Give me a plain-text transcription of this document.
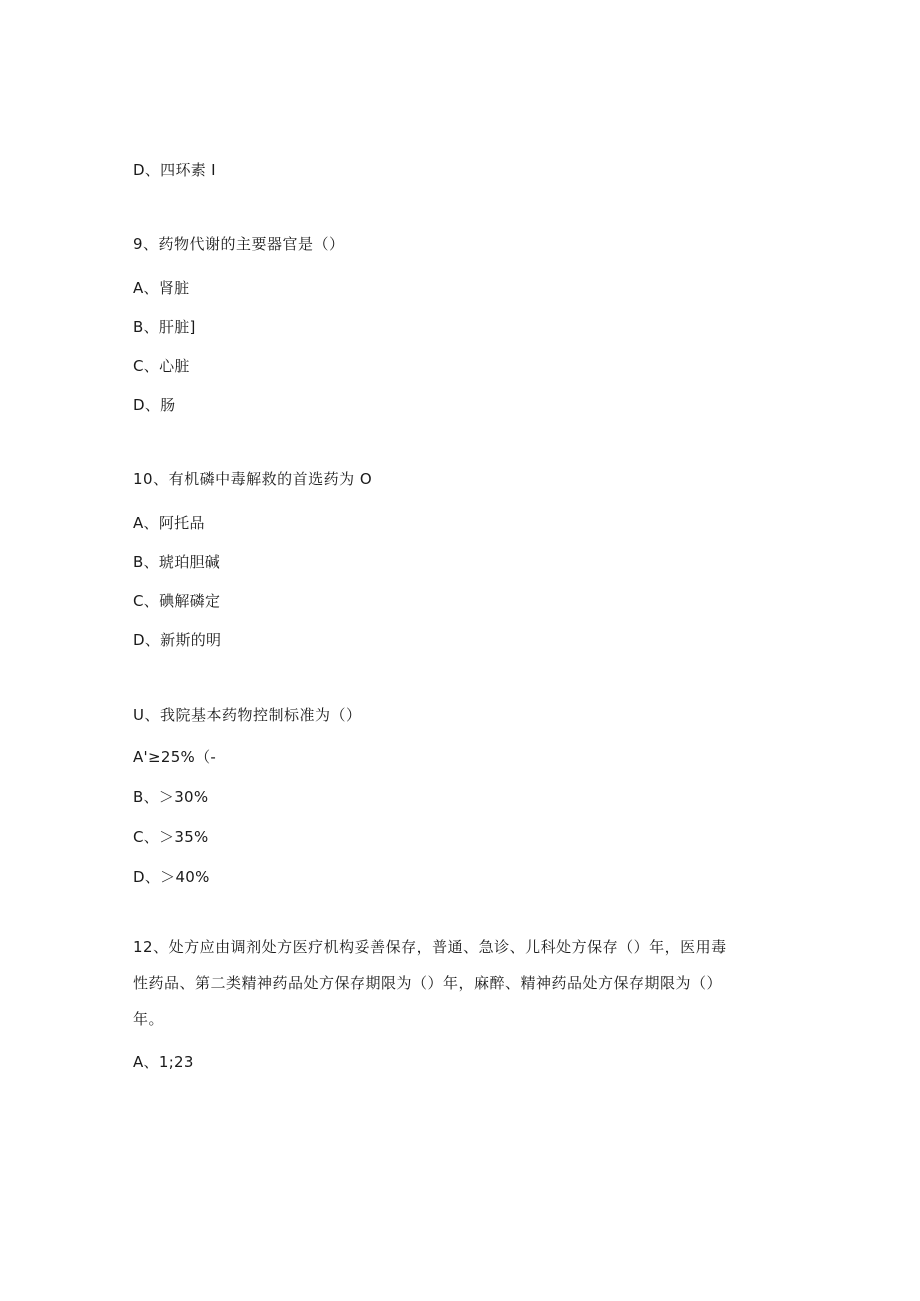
D、四环素 I
9、药物代谢的主要器官是（）
A、肾脏
B、肝脏]
C、心脏
D、肠
10、有机磷中毒解救的首选药为 O
A、阿托品
B、琥珀胆碱
C、碘解磷定
D、新斯的明
U、我院基本药物控制标准为（）
A'≥25%（-
B、＞30%
C、＞35%
D、＞40%
12、处方应由调剂处方医疗机构妥善保存，普通、急诊、儿科处方保存（）年，医用毒
性药品、第二类精神药品处方保存期限为（）年，麻醉、精神药品处方保存期限为（）
年。
A、1;23
